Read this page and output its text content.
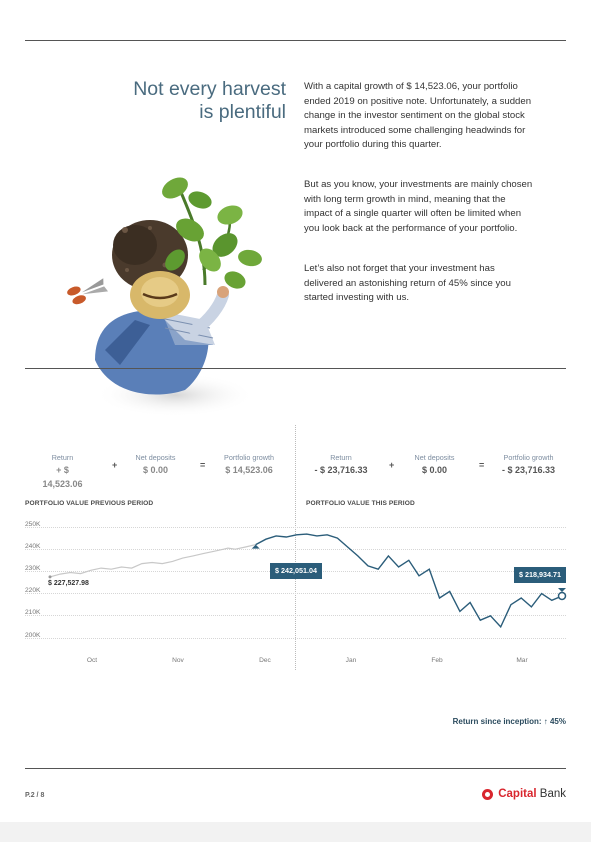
Not every harvest
is plentiful
With a capital growth of $ 14,523.06, your portfolio ended 2019 on positive note. Unfortunately, a sudden change in the investor sentiment on the global stock markets introduced some challenging headwinds for your portfolio during this quarter.
But as you know, your investments are mainly chosen with long term growth in mind, meaning that the impact of a single quarter will often be limited when you look back at the performance of your portfolio.
Let’s also not forget that your investment has delivered an astonishing return of 45% since you started investing with us.
Return
+ $ 14,523.06
+
Net deposits
$ 0.00	=
Portfolio growth
$ 14,523.06
Return
- $ 23,716.33	+
Net deposits
$ 0.00	=
Portfolio growth
- $ 23,716.33
PORTFOLIO VALUE PREVIOUS PERIOD	PORTFOLIO VALUE THIS PERIOD
250K
240K
230K
220K
210K
200K
Oct	Nov	Dec	Jan	Feb	Mar
$ 227,527.98
$ 242,051.04	$ 218,934.71
Return since inception: ↑ 45%
P.2 / 8	Capital Bank
